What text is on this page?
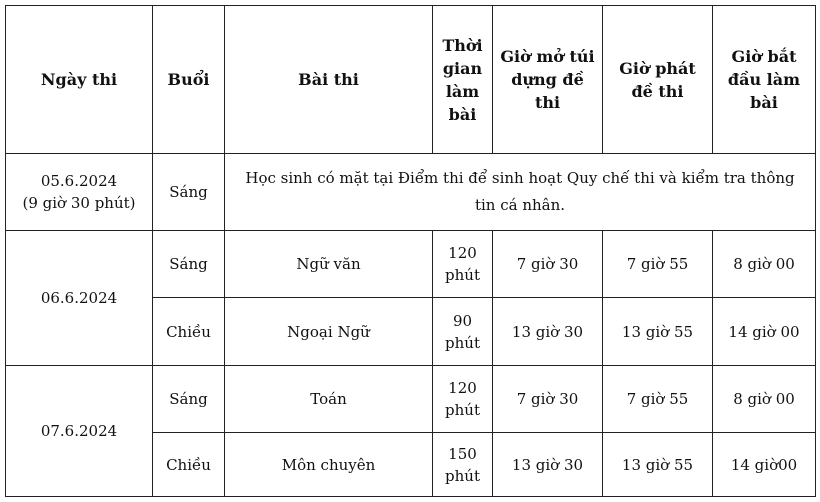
Ngày thi	Buổi	Bài thi	Thời gian làm bài	Giờ mở túi dựng đề thi	Giờ phát đề thi	Giờ bắt đầu làm bài

05.6.2024
(9 giờ 30 phút)	Sáng	Học sinh có mặt tại Điểm thi để sinh hoạt Quy chế thi và kiểm tra thông tin cá nhân.				
06.6.2024	Sáng	Ngữ văn	120 phút	7 giờ 30	7 giờ 55	8 giờ 00
	Chiều	Ngoại Ngữ	90 phút	13 giờ 30	13 giờ 55	14 giờ 00
07.6.2024	Sáng	Toán	120 phút	7 giờ 30	7 giờ 55	8 giờ 00
	Chiều	Môn chuyên	150 phút	13 giờ 30	13 giờ 55	14 giờ00
